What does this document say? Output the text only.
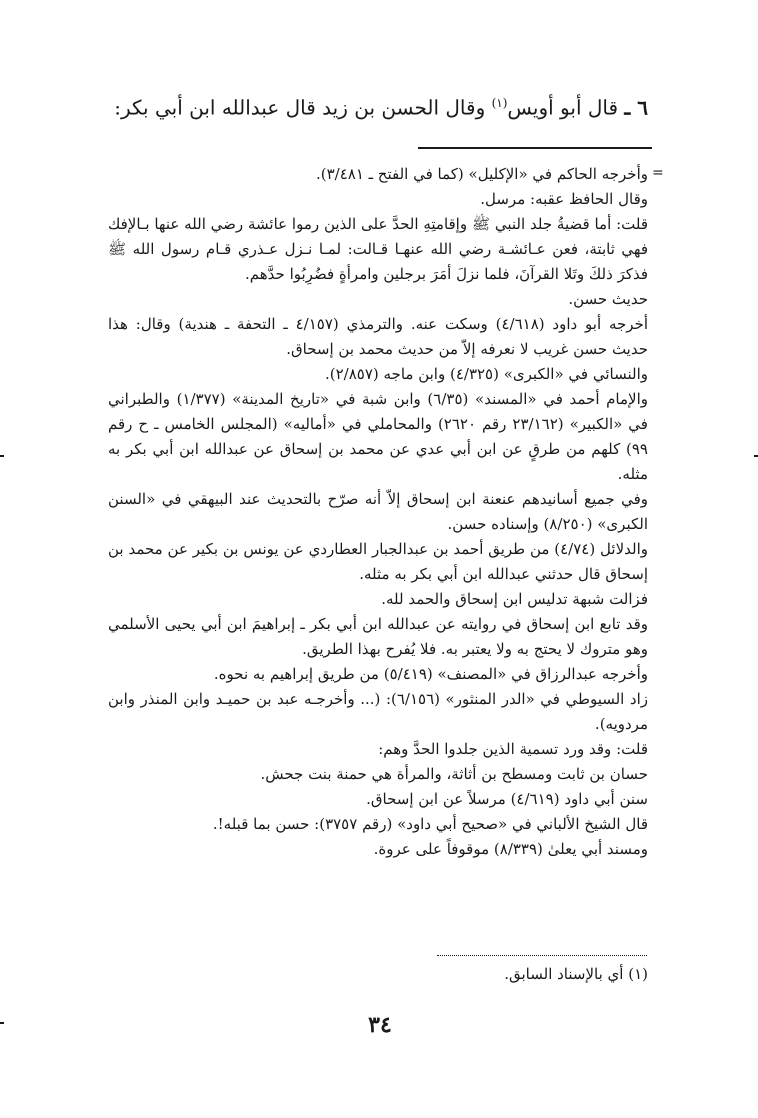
٦ ـ قال أبو أويس$^{(١)}$ وقال الحسن بن زيد قال عبدالله ابن أبي بكر:
=

وأخرجه الحاكم في «الإكليل» (كما في الفتح ـ ٣/٤٨١).

وقال الحافظ عقبه: مرسل.

قلت: أما قضيةُ جلد النبي ﷺ وإقامتِهِ الحدَّ على الذين رموا عائشة رضي الله عنها بـالإفك فهي ثابتة، فعن عـائشـة رضي الله عنهـا قـالت: لمـا نـزل عـذري قـام رسول الله ﷺ فذكرَ ذلكَ وتَلا القرآنَ، فلما نزلَ أمَرَ برجلين وامرأةٍ فضُرِبُوا حدَّهم.

حديث حسن.

أخرجه أبو داود (٤/٦١٨) وسكت عنه. والترمذي (٤/١٥٧ ـ التحفة ـ هندية) وقال: هذا حديث حسن غريب لا نعرفه إلاّ من حديث محمد بن إسحاق.

والنسائي في «الكبرى» (٤/٣٢٥) وابن ماجه (٢/٨٥٧).

والإمام أحمد في «المسند» (٦/٣٥) وابن شبة في «تاريخ المدينة» (١/٣٧٧) والطبراني في «الكبير» (٢٣/١٦٢ رقم ٢٦٢٠) والمحاملي في «أماليه» (المجلس الخامس ـ ح رقم ٩٩) كلهم من طرقٍ عن ابن أبي عدي عن محمد بن إسحاق عن عبدالله ابن أبي بكر به مثله.

وفي جميع أسانيدهم عنعنة ابن إسحاق إلاّ أنه صرّح بالتحديث عند البيهقي في «السنن الكبرى» (٨/٢٥٠) وإسناده حسن.

والدلائل (٤/٧٤) من طريق أحمد بن عبدالجبار العطاردي عن يونس بن بكير عن محمد بن إسحاق قال حدثني عبدالله ابن أبي بكر به مثله.

فزالت شبهة تدليس ابن إسحاق والحمد لله.

وقد تابع ابن إسحاق في روايته عن عبدالله ابن أبي بكر ـ إبراهيمَ ابن أبي يحيى الأسلمي وهو متروك لا يحتج به ولا يعتبر به. فلا يُفرح بهذا الطريق.

وأخرجه عبدالرزاق في «المصنف» (٥/٤١٩) من طريق إبراهيم به نحوه.

زاد السيوطي في «الدر المنثور» (٦/١٥٦): (... وأخرجـه عبد بن حميـد وابن المنذر وابن مردويه).

قلت: وقد ورد تسمية الذين جلدوا الحدَّ وهم:

حسان بن ثابت ومسطح بن أثاثة، والمرأة هي حمنة بنت جحش.

سنن أبي داود (٤/٦١٩) مرسلاً عن ابن إسحاق.

قال الشيخ الألباني في «صحيح أبي داود» (رقم ٣٧٥٧): حسن بما قبله!.

ومسند أبي يعلىٰ (٨/٣٣٩) موقوفاً على عروة.

(١) أي بالإسناد السابق.
٣٤
